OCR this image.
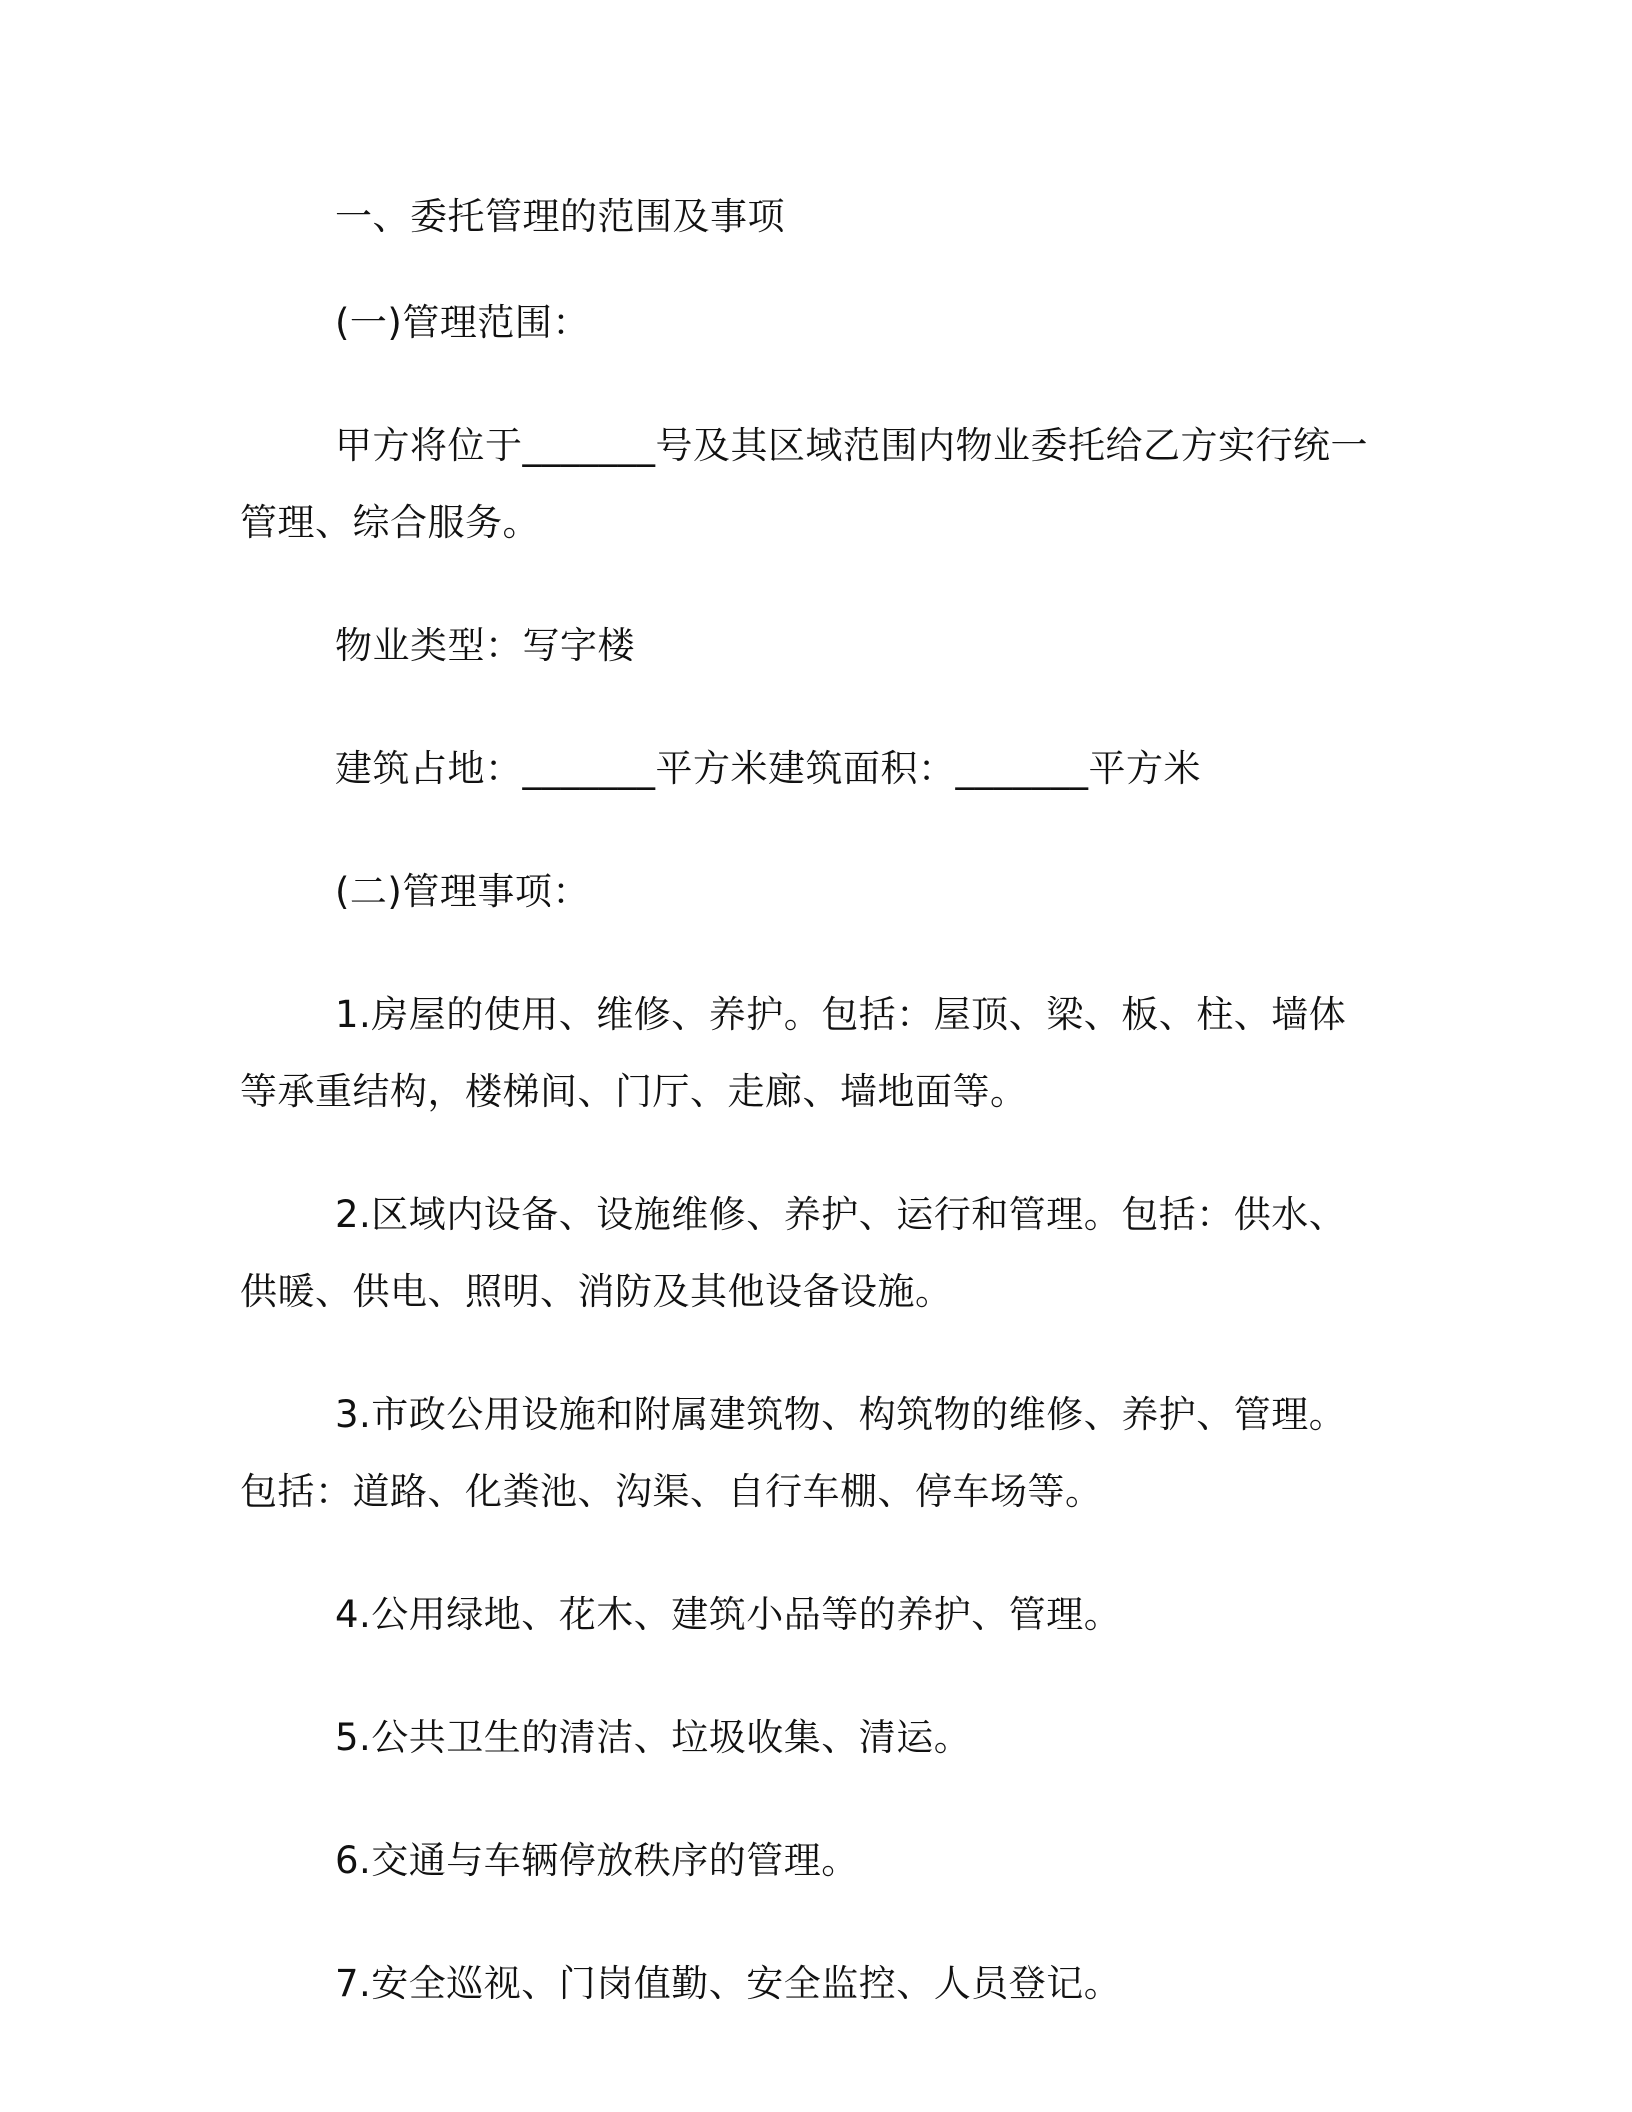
一、委托管理的范围及事项

(一)管理范围：

甲方将位于_______号及其区域范围内物业委托给乙方实行统一管理、综合服务。

物业类型：写字楼

建筑占地：_______平方米建筑面积：_______平方米

(二)管理事项：

1.房屋的使用、维修、养护。包括：屋顶、梁、板、柱、墙体等承重结构，楼梯间、门厅、走廊、墙地面等。

2.区域内设备、设施维修、养护、运行和管理。包括：供水、供暖、供电、照明、消防及其他设备设施。

3.市政公用设施和附属建筑物、构筑物的维修、养护、管理。包括：道路、化粪池、沟渠、自行车棚、停车场等。

4.公用绿地、花木、建筑小品等的养护、管理。

5.公共卫生的清洁、垃圾收集、清运。

6.交通与车辆停放秩序的管理。

7.安全巡视、门岗值勤、安全监控、人员登记。
